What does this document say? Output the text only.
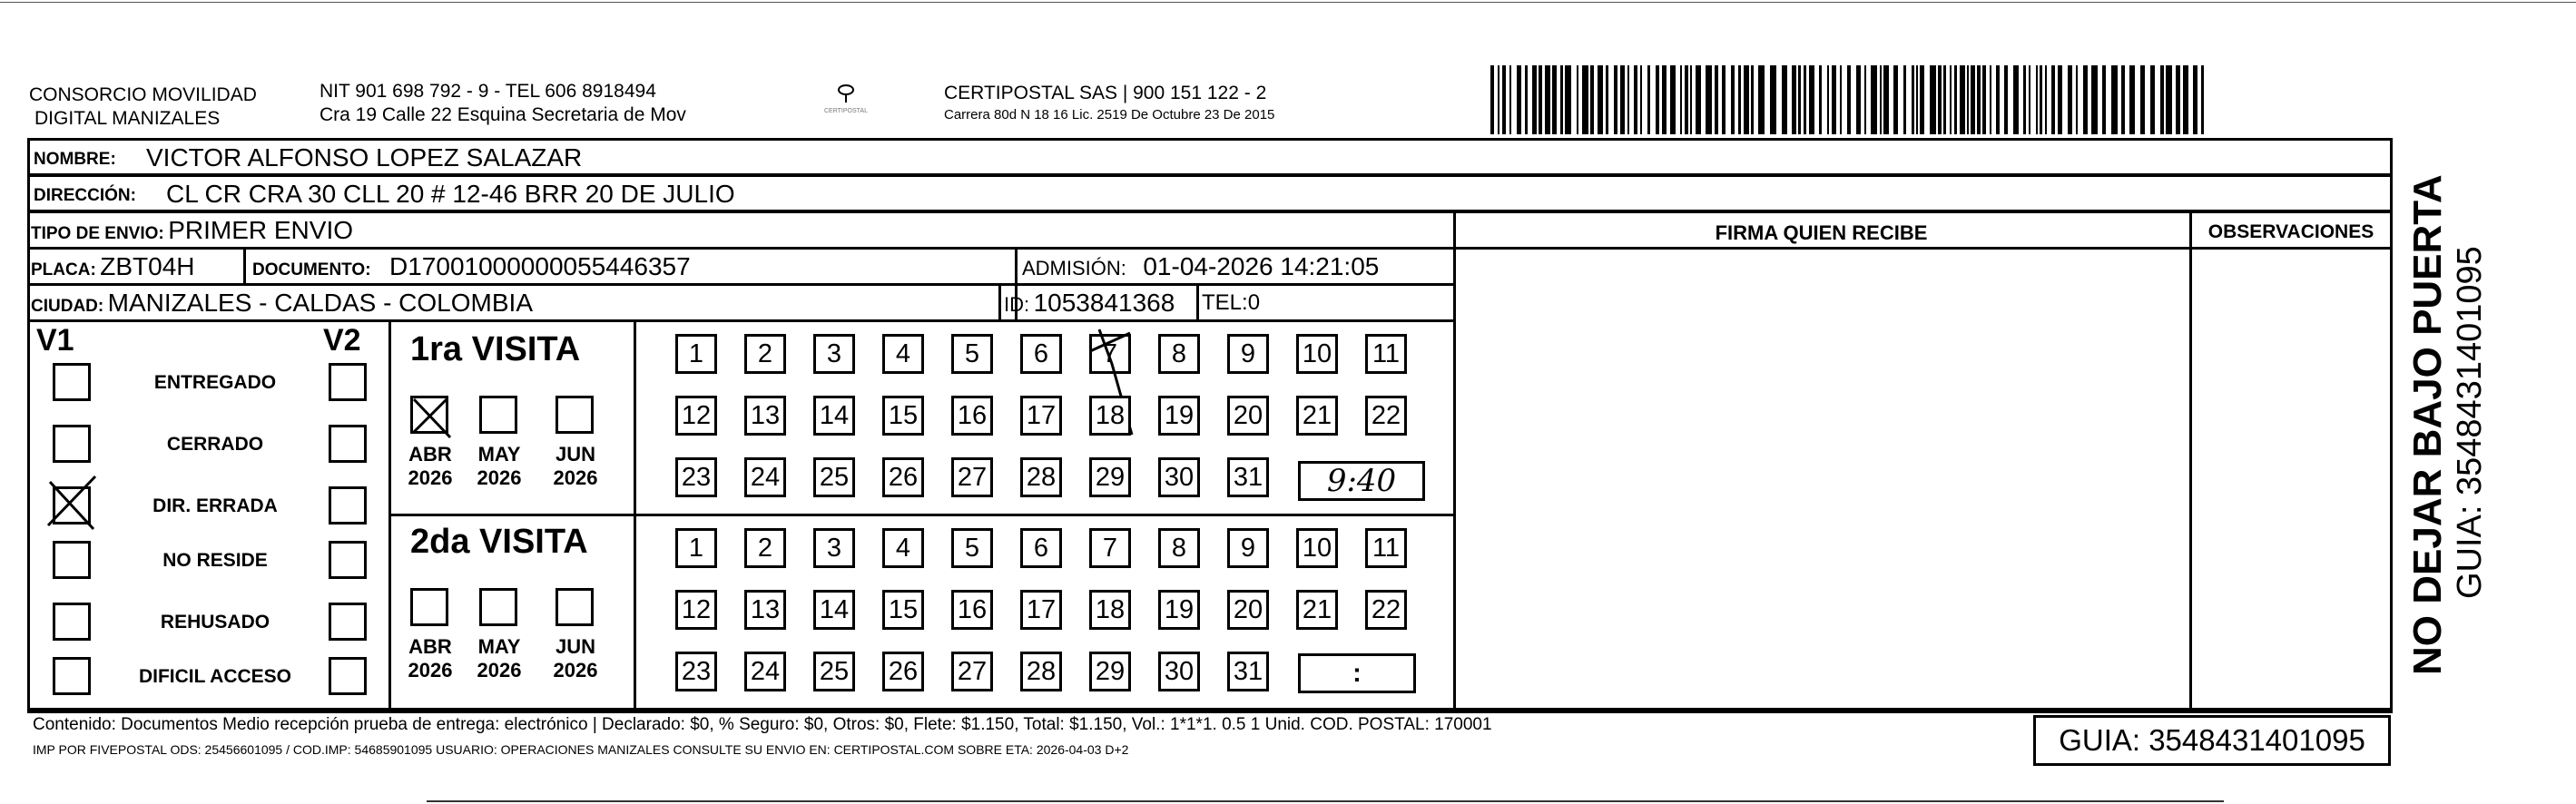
CONSORCIO MOVILIDAD
DIGITAL MANIZALES
NIT 901 698 792 - 9 - TEL 606 8918494
Cra 19 Calle 22 Esquina Secretaria de Mov	CERTIPOSTAL
CERTIPOSTAL SAS | 900 151 122 - 2
Carrera 80d N 18 16 Lic. 2519 De Octubre 23 De 2015
NOMBRE: VICTOR ALFONSO LOPEZ SALAZAR
DIRECCIÓN: CL CR CRA 30 CLL 20 # 12-46 BRR 20 DE JULIO
TIPO DE ENVIO: PRIMER ENVIO
PLACA: ZBT04H	DOCUMENTO: D17001000000055446357	ADMISIÓN: 01-04-2026 14:21:05
CIUDAD: MANIZALES - CALDAS - COLOMBIA	ID: 1053841368 TEL:0
FIRMA QUIEN RECIBE	OBSERVACIONES
V1	V2
ENTREGADO
CERRADO
DIR. ERRADA
NO RESIDE
REHUSADO
DIFICIL ACCESO
1ra VISITA
2da VISITA
ABR
2026
MAY
2026
JUN
2026
ABR
2026
MAY
2026
JUN
2026
1	2	3	4	5	6	7	8	9	10 11
12 13 14 15 16 17 18 19 20 21 22
23 24 25 26 27 28 29 30 31
1	2	3	4	5	6	7	8	9	10 11
12 13 14 15 16 17 18 19 20 21 22
23 24 25 26 27 28 29 30 31
9:40
:
Contenido: Documentos Medio recepción prueba de entrega: electrónico | Declarado: $0, % Seguro: $0, Otros: $0, Flete: $1.150, Total: $1.150, Vol.: 1*1*1. 0.5 1 Unid. COD. POSTAL: 170001
IMP POR FIVEPOSTAL ODS: 25456601095 / COD.IMP: 54685901095 USUARIO: OPERACIONES MANIZALES CONSULTE SU ENVIO EN: CERTIPOSTAL.COM SOBRE ETA: 2026-04-03 D+2	GUIA: 3548431401095
NO DEJAR BAJO PUERTA GUIA: 3548431401095
